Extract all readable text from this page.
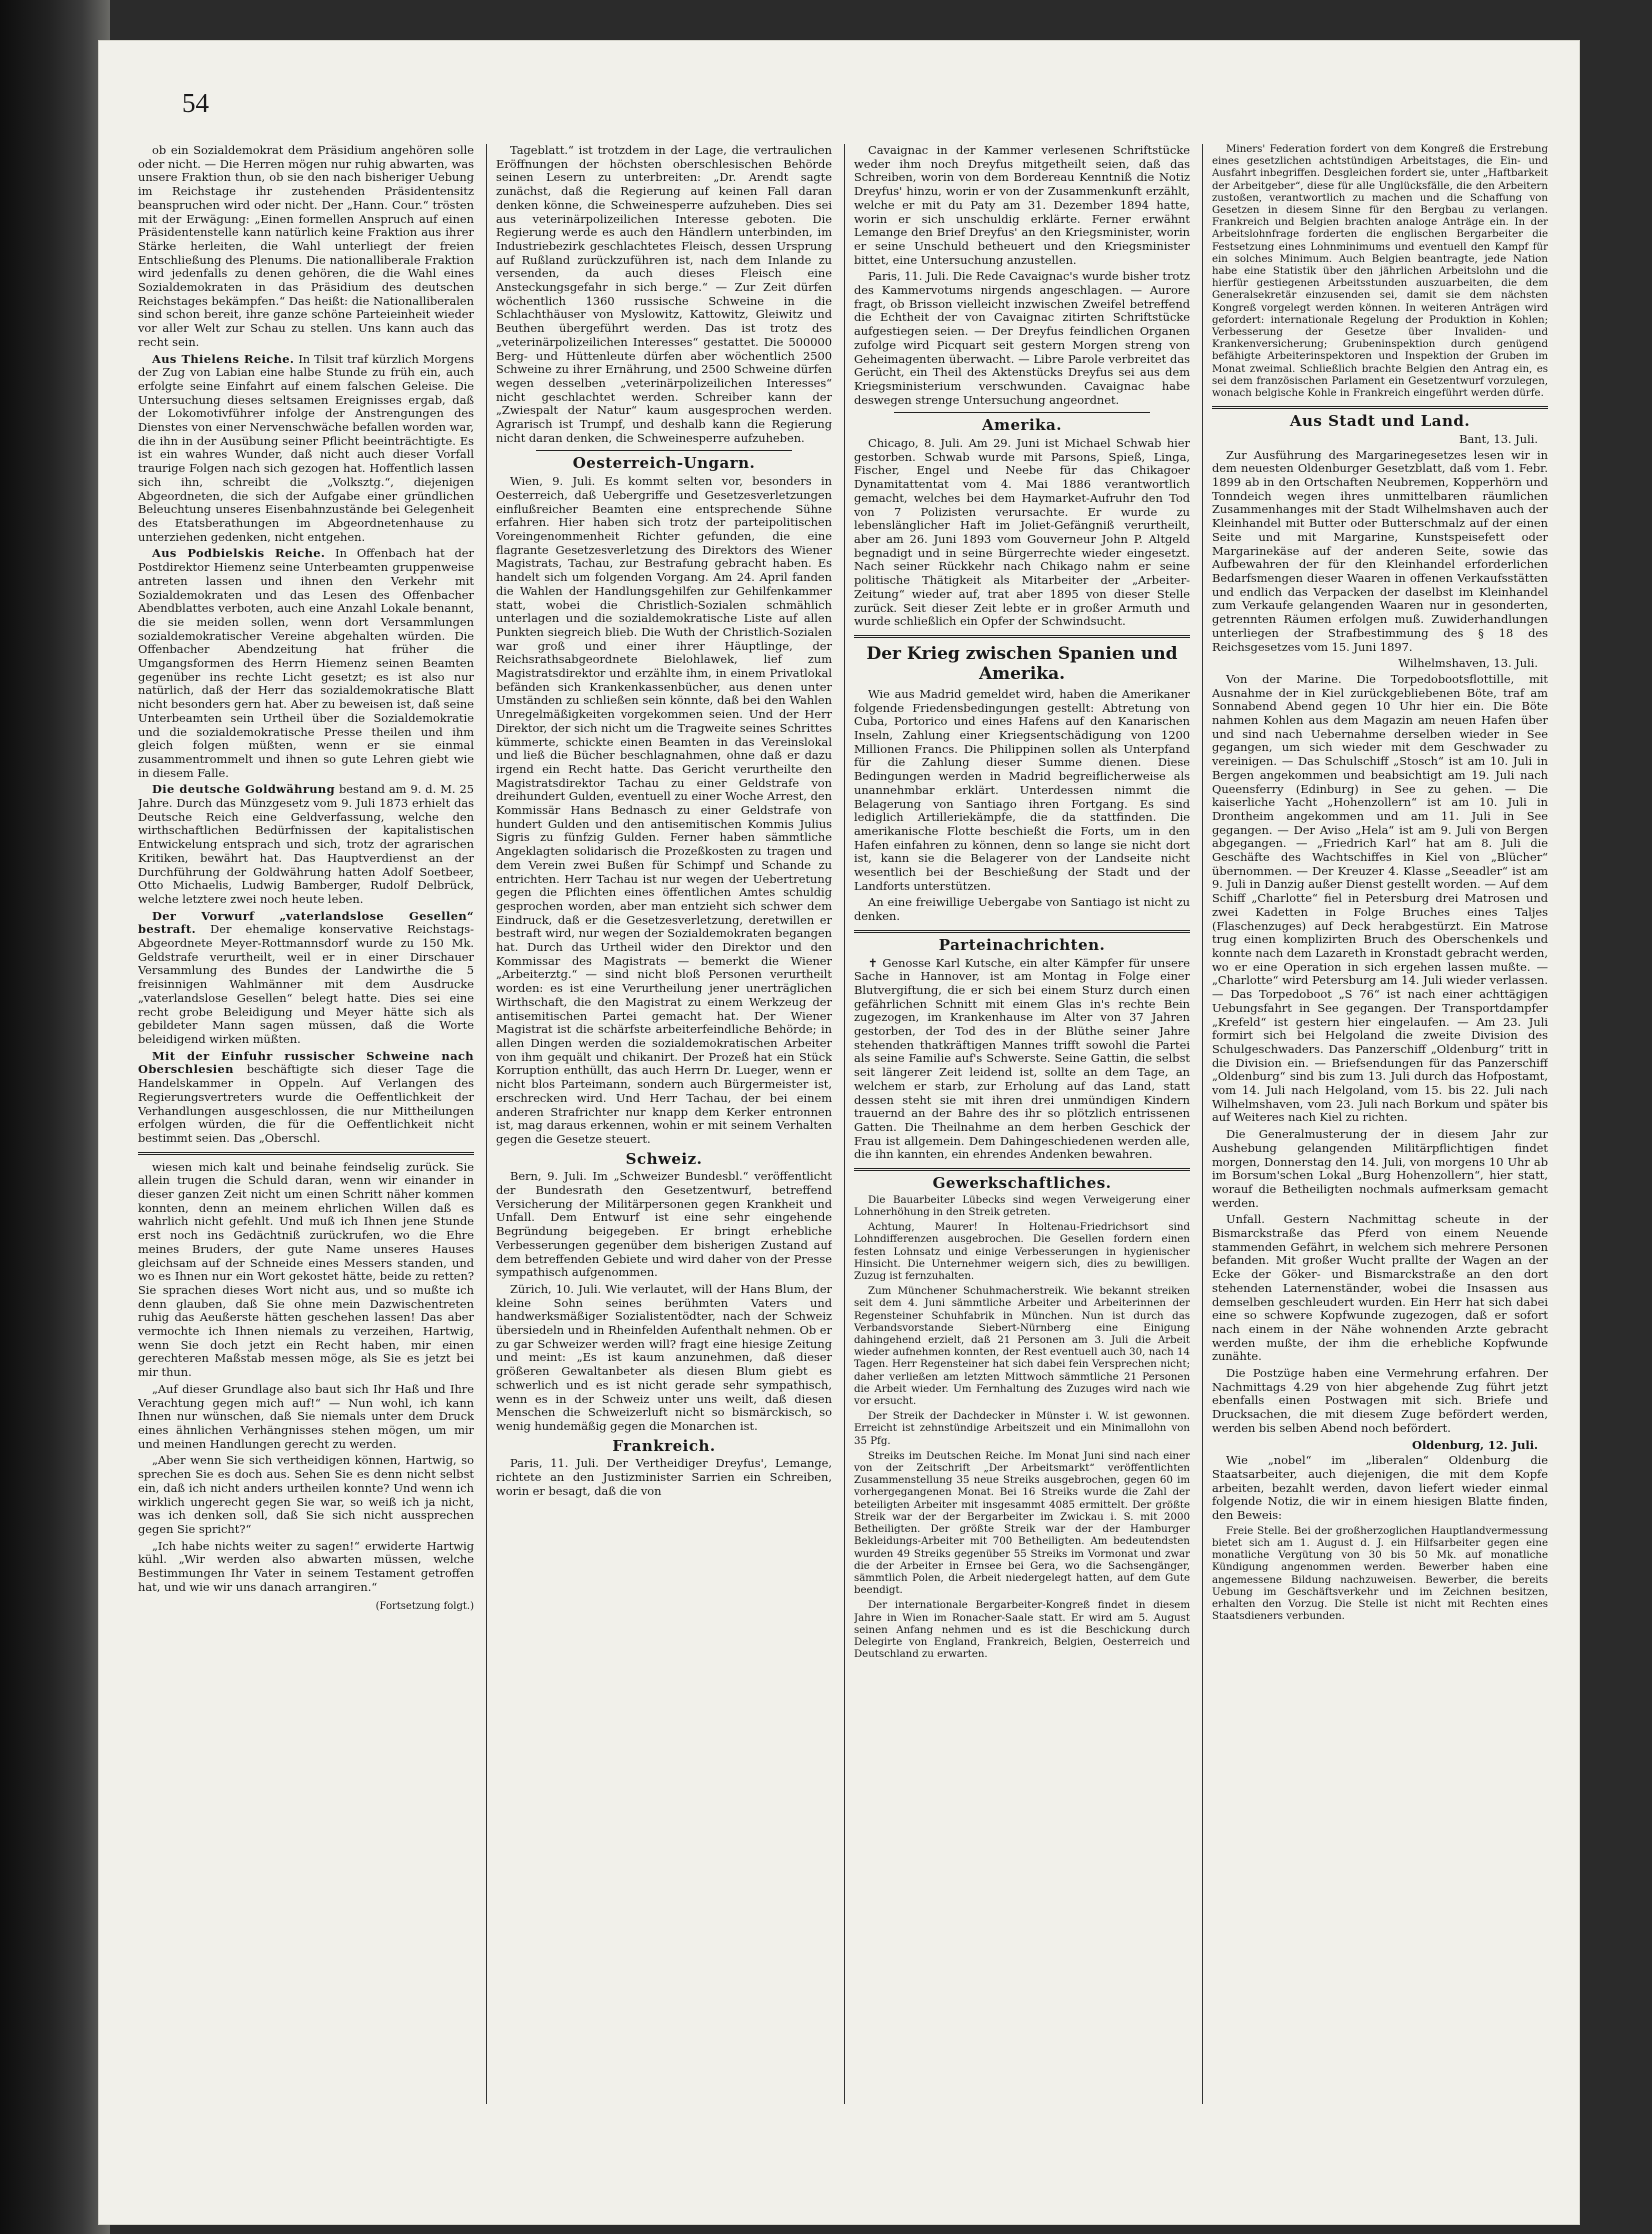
54

ob ein Sozialdemokrat dem Präsidium angehören solle oder nicht. — Die Herren mögen nur ruhig abwarten, was unsere Fraktion thun, ob sie den nach bisheriger Uebung im Reichstage ihr zustehenden Präsidentensitz beanspruchen wird oder nicht. Der „Hann. Cour.“ trösten mit der Erwägung: „Einen formellen Anspruch auf einen Präsidentenstelle kann natürlich keine Fraktion aus ihrer Stärke herleiten, die Wahl unterliegt der freien Entschließung des Plenums. Die nationalliberale Fraktion wird jedenfalls zu denen gehören, die die Wahl eines Sozialdemokraten in das Präsidium des deutschen Reichstages bekämpfen.“ Das heißt: die Nationalliberalen sind schon bereit, ihre ganze schöne Parteieinheit wieder vor aller Welt zur Schau zu stellen. Uns kann auch das recht sein.

Aus Thielens Reiche. In Tilsit traf kürzlich Morgens der Zug von Labian eine halbe Stunde zu früh ein, auch erfolgte seine Einfahrt auf einem falschen Geleise. Die Untersuchung dieses seltsamen Ereignisses ergab, daß der Lokomotivführer infolge der Anstrengungen des Dienstes von einer Nervenschwäche befallen worden war, die ihn in der Ausübung seiner Pflicht beeinträchtigte. Es ist ein wahres Wunder, daß nicht auch dieser Vorfall traurige Folgen nach sich gezogen hat. Hoffentlich lassen sich ihn, schreibt die „Volksztg.“, diejenigen Abgeordneten, die sich der Aufgabe einer gründlichen Beleuchtung unseres Eisenbahnzustände bei Gelegenheit des Etatsberathungen im Abgeordnetenhause zu unterziehen gedenken, nicht entgehen.

Aus Podbielskis Reiche. In Offenbach hat der Postdirektor Hiemenz seine Unterbeamten gruppenweise antreten lassen und ihnen den Verkehr mit Sozialdemokraten und das Lesen des Offenbacher Abendblattes verboten, auch eine Anzahl Lokale benannt, die sie meiden sollen, wenn dort Versammlungen sozialdemokratischer Vereine abgehalten würden. Die Offenbacher Abendzeitung hat früher die Umgangsformen des Herrn Hiemenz seinen Beamten gegenüber ins rechte Licht gesetzt; es ist also nur natürlich, daß der Herr das sozialdemokratische Blatt nicht besonders gern hat. Aber zu beweisen ist, daß seine Unterbeamten sein Urtheil über die Sozialdemokratie und die sozialdemokratische Presse theilen und ihm gleich folgen müßten, wenn er sie einmal zusammentrommelt und ihnen so gute Lehren giebt wie in diesem Falle.

Die deutsche Goldwährung bestand am 9. d. M. 25 Jahre. Durch das Münzgesetz vom 9. Juli 1873 erhielt das Deutsche Reich eine Geldverfassung, welche den wirthschaftlichen Bedürfnissen der kapitalistischen Entwickelung entsprach und sich, trotz der agrarischen Kritiken, bewährt hat. Das Hauptverdienst an der Durchführung der Goldwährung hatten Adolf Soetbeer, Otto Michaelis, Ludwig Bamberger, Rudolf Delbrück, welche letztere zwei noch heute leben.

Der Vorwurf „vaterlandslose Gesellen“ bestraft. Der ehemalige konservative Reichstags-Abgeordnete Meyer-Rottmannsdorf wurde zu 150 Mk. Geldstrafe verurtheilt, weil er in einer Dirschauer Versammlung des Bundes der Landwirthe die 5 freisinnigen Wahlmänner mit dem Ausdrucke „vaterlandslose Gesellen“ belegt hatte. Dies sei eine recht grobe Beleidigung und Meyer hätte sich als gebildeter Mann sagen müssen, daß die Worte beleidigend wirken müßten.

Mit der Einfuhr russischer Schweine nach Oberschlesien beschäftigte sich dieser Tage die Handelskammer in Oppeln. Auf Verlangen des Regierungsvertreters wurde die Oeffentlichkeit der Verhandlungen ausgeschlossen, die nur Mittheilungen erfolgen würden, die für die Oeffentlichkeit nicht bestimmt seien. Das „Oberschl.

wiesen mich kalt und beinahe feindselig zurück. Sie allein trugen die Schuld daran, wenn wir einander in dieser ganzen Zeit nicht um einen Schritt näher kommen konnten, denn an meinem ehrlichen Willen daß es wahrlich nicht gefehlt. Und muß ich Ihnen jene Stunde erst noch ins Gedächtniß zurückrufen, wo die Ehre meines Bruders, der gute Name unseres Hauses gleichsam auf der Schneide eines Messers standen, und wo es Ihnen nur ein Wort gekostet hätte, beide zu retten? Sie sprachen dieses Wort nicht aus, und so mußte ich denn glauben, daß Sie ohne mein Dazwischentreten ruhig das Aeußerste hätten geschehen lassen! Das aber vermochte ich Ihnen niemals zu verzeihen, Hartwig, wenn Sie doch jetzt ein Recht haben, mir einen gerechteren Maßstab messen möge, als Sie es jetzt bei mir thun.

„Auf dieser Grundlage also baut sich Ihr Haß und Ihre Verachtung gegen mich auf!“ — Nun wohl, ich kann Ihnen nur wünschen, daß Sie niemals unter dem Druck eines ähnlichen Verhängnisses stehen mögen, um mir und meinen Handlungen gerecht zu werden.

„Aber wenn Sie sich vertheidigen können, Hartwig, so sprechen Sie es doch aus. Sehen Sie es denn nicht selbst ein, daß ich nicht anders urtheilen konnte? Und wenn ich wirklich ungerecht gegen Sie war, so weiß ich ja nicht, was ich denken soll, daß Sie sich nicht aussprechen gegen Sie spricht?“

„Ich habe nichts weiter zu sagen!“ erwiderte Hartwig kühl. „Wir werden also abwarten müssen, welche Bestimmungen Ihr Vater in seinem Testament getroffen hat, und wie wir uns danach arrangiren.“

(Fortsetzung folgt.)

Tageblatt.“ ist trotzdem in der Lage, die vertraulichen Eröffnungen der höchsten oberschlesischen Behörde seinen Lesern zu unterbreiten: „Dr. Arendt sagte zunächst, daß die Regierung auf keinen Fall daran denken könne, die Schweinesperre aufzuheben. Dies sei aus veterinärpolizeilichen Interesse geboten. Die Regierung werde es auch den Händlern unterbinden, im Industriebezirk geschlachtetes Fleisch, dessen Ursprung auf Rußland zurückzuführen ist, nach dem Inlande zu versenden, da auch dieses Fleisch eine Ansteckungsgefahr in sich berge.“ — Zur Zeit dürfen wöchentlich 1360 russische Schweine in die Schlachthäuser von Myslowitz, Kattowitz, Gleiwitz und Beuthen übergeführt werden. Das ist trotz des „veterinärpolizeilichen Interesses“ gestattet. Die 500000 Berg- und Hüttenleute dürfen aber wöchentlich 2500 Schweine zu ihrer Ernährung, und 2500 Schweine dürfen wegen desselben „veterinärpolizeilichen Interesses“ nicht geschlachtet werden. Schreiber kann der „Zwiespalt der Natur“ kaum ausgesprochen werden. Agrarisch ist Trumpf, und deshalb kann die Regierung nicht daran denken, die Schweinesperre aufzuheben.

Oesterreich-Ungarn.

Wien, 9. Juli. Es kommt selten vor, besonders in Oesterreich, daß Uebergriffe und Gesetzesverletzungen einflußreicher Beamten eine entsprechende Sühne erfahren. Hier haben sich trotz der parteipolitischen Voreingenommenheit Richter gefunden, die eine flagrante Gesetzesverletzung des Direktors des Wiener Magistrats, Tachau, zur Bestrafung gebracht haben. Es handelt sich um folgenden Vorgang. Am 24. April fanden die Wahlen der Handlungsgehilfen zur Gehilfenkammer statt, wobei die Christlich-Sozialen schmählich unterlagen und die sozialdemokratische Liste auf allen Punkten siegreich blieb. Die Wuth der Christlich-Sozialen war groß und einer ihrer Häuptlinge, der Reichsrathsabgeordnete Bielohlawek, lief zum Magistratsdirektor und erzählte ihm, in einem Privatlokal befänden sich Krankenkassenbücher, aus denen unter Umständen zu schließen sein könnte, daß bei den Wahlen Unregelmäßigkeiten vorgekommen seien. Und der Herr Direktor, der sich nicht um die Tragweite seines Schrittes kümmerte, schickte einen Beamten in das Vereinslokal und ließ die Bücher beschlagnahmen, ohne daß er dazu irgend ein Recht hatte. Das Gericht verurtheilte den Magistratsdirektor Tachau zu einer Geldstrafe von dreihundert Gulden, eventuell zu einer Woche Arrest, den Kommissär Hans Bednasch zu einer Geldstrafe von hundert Gulden und den antisemitischen Kommis Julius Sigris zu fünfzig Gulden. Ferner haben sämmtliche Angeklagten solidarisch die Prozeßkosten zu tragen und dem Verein zwei Bußen für Schimpf und Schande zu entrichten. Herr Tachau ist nur wegen der Uebertretung gegen die Pflichten eines öffentlichen Amtes schuldig gesprochen worden, aber man entzieht sich schwer dem Eindruck, daß er die Gesetzesverletzung, deretwillen er bestraft wird, nur wegen der Sozialdemokraten begangen hat. Durch das Urtheil wider den Direktor und den Kommissar des Magistrats — bemerkt die Wiener „Arbeiterztg.“ — sind nicht bloß Personen verurtheilt worden: es ist eine Verurtheilung jener unerträglichen Wirthschaft, die den Magistrat zu einem Werkzeug der antisemitischen Partei gemacht hat. Der Wiener Magistrat ist die schärfste arbeiterfeindliche Behörde; in allen Dingen werden die sozialdemokratischen Arbeiter von ihm gequält und chikanirt. Der Prozeß hat ein Stück Korruption enthüllt, das auch Herrn Dr. Lueger, wenn er nicht blos Parteimann, sondern auch Bürgermeister ist, erschrecken wird. Und Herr Tachau, der bei einem anderen Strafrichter nur knapp dem Kerker entronnen ist, mag daraus erkennen, wohin er mit seinem Verhalten gegen die Gesetze steuert.

Schweiz.

Bern, 9. Juli. Im „Schweizer Bundesbl.“ veröffentlicht der Bundesrath den Gesetzentwurf, betreffend Versicherung der Militärpersonen gegen Krankheit und Unfall. Dem Entwurf ist eine sehr eingehende Begründung beigegeben. Er bringt erhebliche Verbesserungen gegenüber dem bisherigen Zustand auf dem betreffenden Gebiete und wird daher von der Presse sympathisch aufgenommen.

Zürich, 10. Juli. Wie verlautet, will der Hans Blum, der kleine Sohn seines berühmten Vaters und handwerksmäßiger Sozialistentödter, nach der Schweiz übersiedeln und in Rheinfelden Aufenthalt nehmen. Ob er zu gar Schweizer werden will? fragt eine hiesige Zeitung und meint: „Es ist kaum anzunehmen, daß dieser größeren Gewaltanbeter als diesen Blum giebt es schwerlich und es ist nicht gerade sehr sympathisch, wenn es in der Schweiz unter uns weilt, daß diesen Menschen die Schweizerluft nicht so bismärckisch, so wenig hundemäßig gegen die Monarchen ist.

Frankreich.

Paris, 11. Juli. Der Vertheidiger Dreyfus', Lemange, richtete an den Justizminister Sarrien ein Schreiben, worin er besagt, daß die von

Cavaignac in der Kammer verlesenen Schriftstücke weder ihm noch Dreyfus mitgetheilt seien, daß das Schreiben, worin von dem Bordereau Kenntniß die Notiz Dreyfus' hinzu, worin er von der Zusammenkunft erzählt, welche er mit du Paty am 31. Dezember 1894 hatte, worin er sich unschuldig erklärte. Ferner erwähnt Lemange den Brief Dreyfus' an den Kriegsminister, worin er seine Unschuld betheuert und den Kriegsminister bittet, eine Untersuchung anzustellen.

Paris, 11. Juli. Die Rede Cavaignac's wurde bisher trotz des Kammervotums nirgends angeschlagen. — Aurore fragt, ob Brisson vielleicht inzwischen Zweifel betreffend die Echtheit der von Cavaignac zitirten Schriftstücke aufgestiegen seien. — Der Dreyfus feindlichen Organen zufolge wird Picquart seit gestern Morgen streng von Geheimagenten überwacht. — Libre Parole verbreitet das Gerücht, ein Theil des Aktenstücks Dreyfus sei aus dem Kriegsministerium verschwunden. Cavaignac habe deswegen strenge Untersuchung angeordnet.

Amerika.

Chicago, 8. Juli. Am 29. Juni ist Michael Schwab hier gestorben. Schwab wurde mit Parsons, Spieß, Linga, Fischer, Engel und Neebe für das Chikagoer Dynamitattentat vom 4. Mai 1886 verantwortlich gemacht, welches bei dem Haymarket-Aufruhr den Tod von 7 Polizisten verursachte. Er wurde zu lebenslänglicher Haft im Joliet-Gefängniß verurtheilt, aber am 26. Juni 1893 vom Gouverneur John P. Altgeld begnadigt und in seine Bürgerrechte wieder eingesetzt. Nach seiner Rückkehr nach Chikago nahm er seine politische Thätigkeit als Mitarbeiter der „Arbeiter-Zeitung“ wieder auf, trat aber 1895 von dieser Stelle zurück. Seit dieser Zeit lebte er in großer Armuth und wurde schließlich ein Opfer der Schwindsucht.

Der Krieg zwischen Spanien und Amerika.

Wie aus Madrid gemeldet wird, haben die Amerikaner folgende Friedensbedingungen gestellt: Abtretung von Cuba, Portorico und eines Hafens auf den Kanarischen Inseln, Zahlung einer Kriegsentschädigung von 1200 Millionen Francs. Die Philippinen sollen als Unterpfand für die Zahlung dieser Summe dienen. Diese Bedingungen werden in Madrid begreiflicherweise als unannehmbar erklärt. Unterdessen nimmt die Belagerung von Santiago ihren Fortgang. Es sind lediglich Artilleriekämpfe, die da stattfinden. Die amerikanische Flotte beschießt die Forts, um in den Hafen einfahren zu können, denn so lange sie nicht dort ist, kann sie die Belagerer von der Landseite nicht wesentlich bei der Beschießung der Stadt und der Landforts unterstützen.

An eine freiwillige Uebergabe von Santiago ist nicht zu denken.

Parteinachrichten.

✝ Genosse Karl Kutsche, ein alter Kämpfer für unsere Sache in Hannover, ist am Montag in Folge einer Blutvergiftung, die er sich bei einem Sturz durch einen gefährlichen Schnitt mit einem Glas in's rechte Bein zugezogen, im Krankenhause im Alter von 37 Jahren gestorben, der Tod des in der Blüthe seiner Jahre stehenden thatkräftigen Mannes trifft sowohl die Partei als seine Familie auf's Schwerste. Seine Gattin, die selbst seit längerer Zeit leidend ist, sollte an dem Tage, an welchem er starb, zur Erholung auf das Land, statt dessen steht sie mit ihren drei unmündigen Kindern trauernd an der Bahre des ihr so plötzlich entrissenen Gatten. Die Theilnahme an dem herben Geschick der Frau ist allgemein. Dem Dahingeschiedenen werden alle, die ihn kannten, ein ehrendes Andenken bewahren.

Gewerkschaftliches.

Die Bauarbeiter Lübecks sind wegen Verweigerung einer Lohnerhöhung in den Streik getreten.

Achtung, Maurer! In Holtenau-Friedrichsort sind Lohndifferenzen ausgebrochen. Die Gesellen fordern einen festen Lohnsatz und einige Verbesserungen in hygienischer Hinsicht. Die Unternehmer weigern sich, dies zu bewilligen. Zuzug ist fernzuhalten.

Zum Münchener Schuhmacherstreik. Wie bekannt streiken seit dem 4. Juni sämmtliche Arbeiter und Arbeiterinnen der Regensteiner Schuhfabrik in München. Nun ist durch das Verbandsvorstande Siebert-Nürnberg eine Einigung dahingehend erzielt, daß 21 Personen am 3. Juli die Arbeit wieder aufnehmen konnten, der Rest eventuell auch 30, nach 14 Tagen. Herr Regensteiner hat sich dabei fein Versprechen nicht; daher verließen am letzten Mittwoch sämmtliche 21 Personen die Arbeit wieder. Um Fernhaltung des Zuzuges wird nach wie vor ersucht.

Der Streik der Dachdecker in Münster i. W. ist gewonnen. Erreicht ist zehnstündige Arbeitszeit und ein Minimallohn von 35 Pfg.

Streiks im Deutschen Reiche. Im Monat Juni sind nach einer von der Zeitschrift „Der Arbeitsmarkt“ veröffentlichten Zusammenstellung 35 neue Streiks ausgebrochen, gegen 60 im vorhergegangenen Monat. Bei 16 Streiks wurde die Zahl der beteiligten Arbeiter mit insgesammt 4085 ermittelt. Der größte Streik war der der Bergarbeiter im Zwickau i. S. mit 2000 Betheiligten. Der größte Streik war der der Hamburger Bekleidungs-Arbeiter mit 700 Betheiligten. Am bedeutendsten wurden 49 Streiks gegenüber 55 Streiks im Vormonat und zwar die der Arbeiter in Ernsee bei Gera, wo die Sachsengänger, sämmtlich Polen, die Arbeit niedergelegt hatten, auf dem Gute beendigt.

Der internationale Bergarbeiter-Kongreß findet in diesem Jahre in Wien im Ronacher-Saale statt. Er wird am 5. August seinen Anfang nehmen und es ist die Beschickung durch Delegirte von England, Frankreich, Belgien, Oesterreich und Deutschland zu erwarten.

Miners' Federation fordert von dem Kongreß die Erstrebung eines gesetzlichen achtstündigen Arbeitstages, die Ein- und Ausfahrt inbegriffen. Desgleichen fordert sie, unter „Haftbarkeit der Arbeitgeber“, diese für alle Unglücksfälle, die den Arbeitern zustoßen, verantwortlich zu machen und die Schaffung von Gesetzen in diesem Sinne für den Bergbau zu verlangen. Frankreich und Belgien brachten analoge Anträge ein. In der Arbeitslohnfrage forderten die englischen Bergarbeiter die Festsetzung eines Lohnminimums und eventuell den Kampf für ein solches Minimum. Auch Belgien beantragte, jede Nation habe eine Statistik über den jährlichen Arbeitslohn und die hierfür gestiegenen Arbeitsstunden auszuarbeiten, die dem Generalsekretär einzusenden sei, damit sie dem nächsten Kongreß vorgelegt werden können. In weiteren Anträgen wird gefordert: internationale Regelung der Produktion in Kohlen; Verbesserung der Gesetze über Invaliden- und Krankenversicherung; Grubeninspektion durch genügend befähigte Arbeiterinspektoren und Inspektion der Gruben im Monat zweimal. Schließlich brachte Belgien den Antrag ein, es sei dem französischen Parlament ein Gesetzentwurf vorzulegen, wonach belgische Kohle in Frankreich eingeführt werden dürfe.

Aus Stadt und Land.
Bant, 13. Juli.

Zur Ausführung des Margarinegesetzes lesen wir in dem neuesten Oldenburger Gesetzblatt, daß vom 1. Febr. 1899 ab in den Ortschaften Neubremen, Kopperhörn und Tonndeich wegen ihres unmittelbaren räumlichen Zusammenhanges mit der Stadt Wilhelmshaven auch der Kleinhandel mit Butter oder Butterschmalz auf der einen Seite und mit Margarine, Kunstspeisefett oder Margarinekäse auf der anderen Seite, sowie das Aufbewahren der für den Kleinhandel erforderlichen Bedarfsmengen dieser Waaren in offenen Verkaufsstätten und endlich das Verpacken der daselbst im Kleinhandel zum Verkaufe gelangenden Waaren nur in gesonderten, getrennten Räumen erfolgen muß. Zuwiderhandlungen unterliegen der Strafbestimmung des § 18 des Reichsgesetzes vom 15. Juni 1897.

Wilhelmshaven, 13. Juli.

Von der Marine. Die Torpedobootsflottille, mit Ausnahme der in Kiel zurückgebliebenen Böte, traf am Sonnabend Abend gegen 10 Uhr hier ein. Die Böte nahmen Kohlen aus dem Magazin am neuen Hafen über und sind nach Uebernahme derselben wieder in See gegangen, um sich wieder mit dem Geschwader zu vereinigen. — Das Schulschiff „Stosch“ ist am 10. Juli in Bergen angekommen und beabsichtigt am 19. Juli nach Queensferry (Edinburg) in See zu gehen. — Die kaiserliche Yacht „Hohenzollern“ ist am 10. Juli in Drontheim angekommen und am 11. Juli in See gegangen. — Der Aviso „Hela“ ist am 9. Juli von Bergen abgegangen. — „Friedrich Karl“ hat am 8. Juli die Geschäfte des Wachtschiffes in Kiel von „Blücher“ übernommen. — Der Kreuzer 4. Klasse „Seeadler“ ist am 9. Juli in Danzig außer Dienst gestellt worden. — Auf dem Schiff „Charlotte“ fiel in Petersburg drei Matrosen und zwei Kadetten in Folge Bruches eines Taljes (Flaschenzuges) auf Deck herabgestürzt. Ein Matrose trug einen komplizirten Bruch des Oberschenkels und konnte nach dem Lazareth in Kronstadt gebracht werden, wo er eine Operation in sich ergehen lassen mußte. — „Charlotte“ wird Petersburg am 14. Juli wieder verlassen. — Das Torpedoboot „S 76“ ist nach einer achttägigen Uebungsfahrt in See gegangen. Der Transportdampfer „Krefeld“ ist gestern hier eingelaufen. — Am 23. Juli formirt sich bei Helgoland die zweite Division des Schulgeschwaders. Das Panzerschiff „Oldenburg“ tritt in die Division ein. — Briefsendungen für das Panzerschiff „Oldenburg“ sind bis zum 13. Juli durch das Hofpostamt, vom 14. Juli nach Helgoland, vom 15. bis 22. Juli nach Wilhelmshaven, vom 23. Juli nach Borkum und später bis auf Weiteres nach Kiel zu richten.

Die Generalmusterung der in diesem Jahr zur Aushebung gelangenden Militärpflichtigen findet morgen, Donnerstag den 14. Juli, von morgens 10 Uhr ab im Borsum'schen Lokal „Burg Hohenzollern“, hier statt, worauf die Betheiligten nochmals aufmerksam gemacht werden.

Unfall. Gestern Nachmittag scheute in der Bismarckstraße das Pferd von einem Neuende stammenden Gefährt, in welchem sich mehrere Personen befanden. Mit großer Wucht prallte der Wagen an der Ecke der Göker- und Bismarckstraße an den dort stehenden Laternenständer, wobei die Insassen aus demselben geschleudert wurden. Ein Herr hat sich dabei eine so schwere Kopfwunde zugezogen, daß er sofort nach einem in der Nähe wohnenden Arzte gebracht werden mußte, der ihm die erhebliche Kopfwunde zunähte.

Die Postzüge haben eine Vermehrung erfahren. Der Nachmittags 4.29 von hier abgehende Zug führt jetzt ebenfalls einen Postwagen mit sich. Briefe und Drucksachen, die mit diesem Zuge befördert werden, werden bis selben Abend noch befördert.

Oldenburg, 12. Juli.

Wie „nobel“ im „liberalen“ Oldenburg die Staatsarbeiter, auch diejenigen, die mit dem Kopfe arbeiten, bezahlt werden, davon liefert wieder einmal folgende Notiz, die wir in einem hiesigen Blatte finden, den Beweis:

Freie Stelle. Bei der großherzoglichen Hauptlandvermessung bietet sich am 1. August d. J. ein Hilfsarbeiter gegen eine monatliche Vergütung von 30 bis 50 Mk. auf monatliche Kündigung angenommen werden. Bewerber haben eine angemessene Bildung nachzuweisen. Bewerber, die bereits Uebung im Geschäftsverkehr und im Zeichnen besitzen, erhalten den Vorzug. Die Stelle ist nicht mit Rechten eines Staatsdieners verbunden.
